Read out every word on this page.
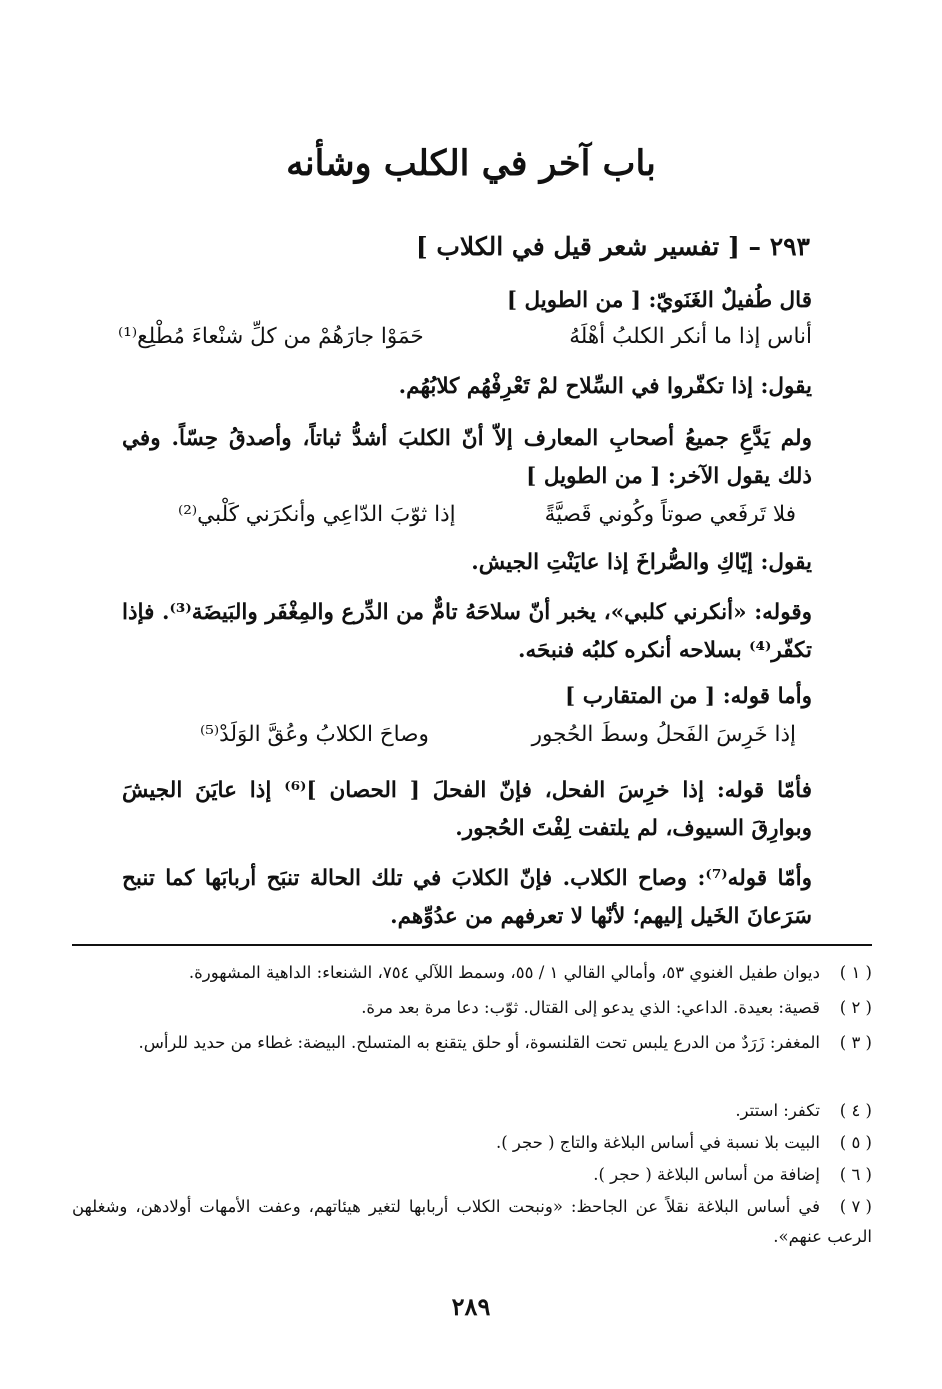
باب آخر في الكلب وشأنه
٢٩٣ – [ تفسير شعر قيل في الكلاب ]
قال طُفيلٌ الغَنَويّ: [ من الطويل ]
أناس إذا ما أنكر الكلبُ أهْلَهُ
حَمَوْا جارَهُمْ من كلِّ شنْعاءَ مُطْلِع⁽¹⁾
يقول: إذا تكفّروا في السِّلاح لمْ تَعْرِفْهُم كلابُهُم.
ولم يَدَّعِ جميعُ أصحابِ المعارف إلاّ أنّ الكلبَ أشدُّ ثباتاً، وأصدقُ حِسّاً. وفي ذلك يقول الآخر: [ من الطويل ]
فلا تَرفَعي صوتاً وكُوني قَصيَّةً
إذا ثوّبَ الدّاعِي وأنكرَني كَلْبي⁽²⁾
يقول: إيّاكِ والصُّراخَ إذا عايَنْتِ الجيش.
وقوله: «أنكرني كلبي»، يخبر أنّ سلاحَهُ تامٌّ من الدِّرع والمِغْفَر والبَيضَة⁽³⁾. فإذا تكفّر⁽⁴⁾ بسلاحه أنكره كلبُه فنبحَه.
وأما قوله: [ من المتقارب ]
إذا خَرِسَ الفَحلُ وسطَ الحُجور
وصاحَ الكلابُ وعُقَّ الوَلَدْ⁽⁵⁾
فأمّا قوله: إذا خرِسَ الفحل، فإنّ الفحلَ [ الحصان ]⁽⁶⁾ إذا عايَنَ الجيشَ وبوارِقَ السيوف، لم يلتفت لِفْتَ الحُجور.
وأمّا قوله⁽⁷⁾: وصاح الكلاب. فإنّ الكلابَ في تلك الحالة تنبَح أربابَها كما تنبح سَرَعانَ الخَيل إليهم؛ لأنّها لا تعرفهم من عدُوِّهم.
( ١ )ديوان طفيل الغنوي ٥٣، وأمالي القالي ١ / ٥٥، وسمط اللآلي ٧٥٤، الشنعاء: الداهية المشهورة.
( ٢ )قصية: بعيدة. الداعي: الذي يدعو إلى القتال. ثوّب: دعا مرة بعد مرة.
( ٣ )المغفر: زَرَدٌ من الدرع يلبس تحت القلنسوة، أو حلق يتقنع به المتسلح. البيضة: غطاء من حديد للرأس.
( ٤ )تكفر: استتر.
( ٥ )البيت بلا نسبة في أساس البلاغة والتاج ( حجر ).
( ٦ )إضافة من أساس البلاغة ( حجر ).
( ٧ )في أساس البلاغة نقلاً عن الجاحظ: «ونبحت الكلاب أربابها لتغير هيئاتهم، وعفت الأمهات أولادهن، وشغلهن الرعب عنهم».
٢٨٩
